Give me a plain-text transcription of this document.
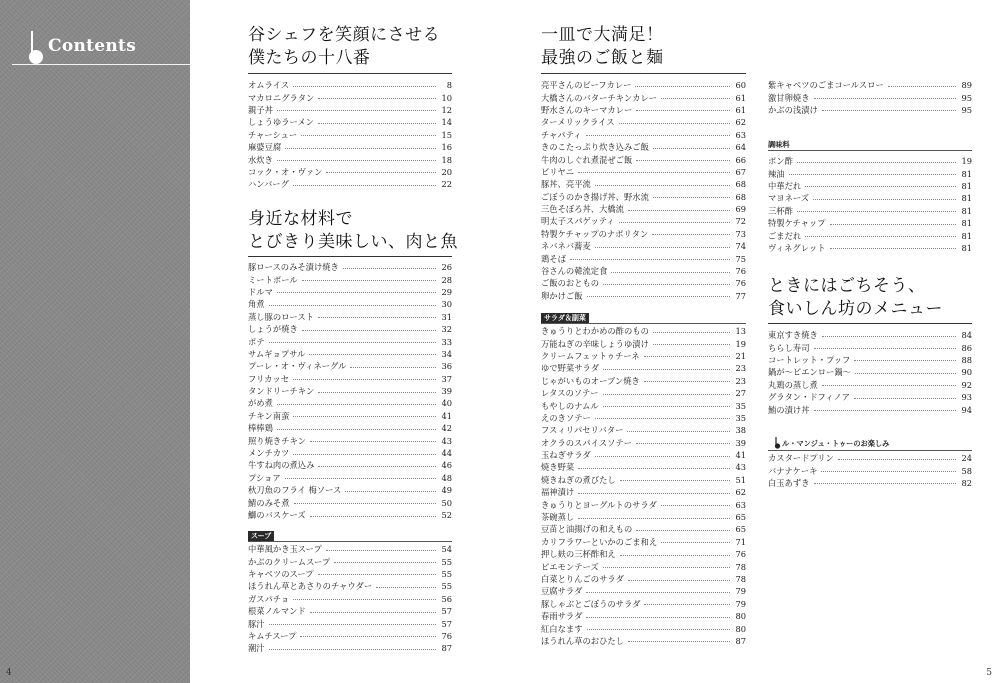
Contents
4	5
谷シェフを笑顔にさせる
僕たちの十八番
オムライス	8
マカロニグラタン	10
親子丼	12
しょうゆラーメン	14
チャーシュー	15
麻婆豆腐	16
水炊き	18
コック・オ・ヴァン	20
ハンバーグ	22
身近な材料で
とびきり美味しい、肉と魚
豚ロースのみそ漬け焼き	26
ミートボール	28
ドルマ	29
角煮	30
蒸し豚のロースト	31
しょうが焼き	32
ポテ	33
サムギョプサル	34
プーレ・オ・ヴィネーグル	36
フリカッセ	37
タンドリーチキン	39
がめ煮	40
チキン南蛮	41
棒棒鶏	42
照り焼きチキン	43
メンチカツ	44
牛すね肉の煮込み	46
プショア	48
秋刀魚のフライ 梅ソース	49
鯖のみそ煮	50
鰤のバスケーズ	52
スープ
中華風かき玉スープ	54
かぶのクリームスープ	55
キャベツのスープ	55
ほうれん草とあさりのチャウダー	55
ガスパチョ	56
根菜ノルマンド	57
豚汁	57
キムチスープ	76
潮汁	87
一皿で大満足！
最強のご飯と麺
亮平さんのビーフカレー	60
大橋さんのバターチキンカレー	61
野水さんのキーマカレー	61
ターメリックライス	62
チャパティ	63
きのこたっぷり炊き込みご飯	64
牛肉のしぐれ煮混ぜご飯	66
ビリヤニ	67
豚丼、亮平流	68
ごぼうのかき揚げ丼、野水流	68
三色そぼろ丼、大橋流	69
明太子スパゲッティ	72
特製ケチャップのナポリタン	73
ネバネバ蕎麦	74
鶏そば	75
谷さんの韓流定食	76
ご飯のおともの	76
卵かけご飯	77
サラダ＆副菜
きゅうりとわかめの酢のもの	13
万能ねぎの辛味しょうゆ漬け	19
クリームフェットゥチーネ	21
ゆで野菜サラダ	23
じゃがいものオーブン焼き	23
レタスのソテー	27
もやしのナムル	35
えのきソテー	35
フスィリパセリバター	38
オクラのスパイスソテー	39
玉ねぎサラダ	41
焼き野菜	43
焼きねぎの煮びたし	51
福神漬け	62
きゅうりとヨーグルトのサラダ	63
茶碗蒸し	65
豆苗と油揚げの和えもの	65
カリフラワーといかのごま和え	71
押し麸の三杯酢和え	76
ピエモンテーズ	78
白菜とりんごのサラダ	78
豆腐サラダ	79
豚しゃぶとごぼうのサラダ	79
春雨サラダ	80
紅白なます	80
ほうれん草のおひたし	87
紫キャベツのごまコールスロー	89
激甘卵焼き	95
かぶの浅漬け	95
調味料
ポン酢	19
辣油	81
中華だれ	81
マヨネーズ	81
三杯酢	81
特製ケチャップ	81
ごまだれ	81
ヴィネグレット	81
ときにはごちそう、
食いしん坊のメニュー
東京すき焼き	84
ちらし寿司	86
コートレット・プッフ	88
鍋が〜ピエンロー鍋〜	90
丸鶏の蒸し煮	92
グラタン・ドフィノア	93
鮪の漬け丼	94
ル・マンジュ・トゥーのお楽しみ
カスタードプリン	24
バナナケーキ	58
白玉あずき	82
